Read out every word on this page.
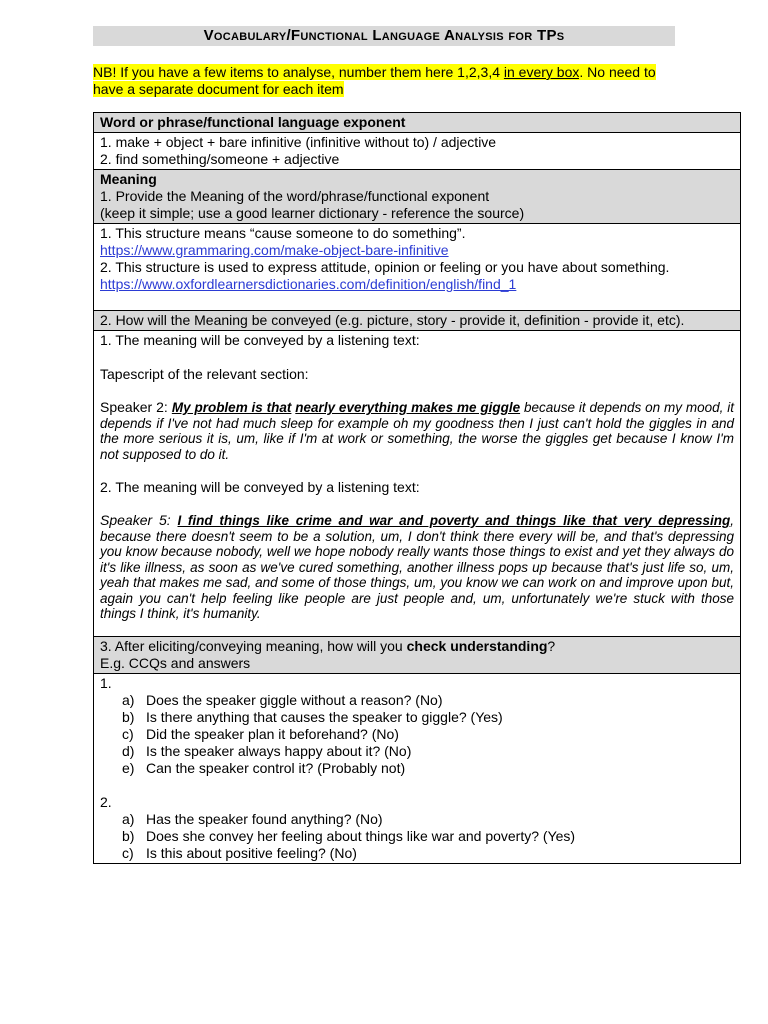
Vocabulary/Functional Language Analysis for TPs
NB! If you have a few items to analyse, number them here 1,2,3,4 in every box. No need to have a separate document for each item
Word or phrase/functional language exponent

1. make + object + bare infinitive (infinitive without to) / adjective
2. find something/someone + adjective

Meaning
1. Provide the Meaning of the word/phrase/functional exponent
(keep it simple; use a good learner dictionary - reference the source)

1. This structure means “cause someone to do something”.
https://www.grammaring.com/make-object-bare-infinitive
2. This structure is used to express attitude, opinion or feeling or you have about something.
https://www.oxfordlearnersdictionaries.com/definition/english/find_1

2. How will the Meaning be conveyed (e.g. picture, story - provide it, definition - provide it, etc).

1. The meaning will be conveyed by a listening text:
Tapescript of the relevant section:
Speaker 2: My problem is that nearly everything makes me giggle because it depends on my mood, it depends if I've not had much sleep for example oh my goodness then I just can't hold the giggles in and the more serious it is, um, like if I'm at work or something, the worse the giggles get because I know I'm not supposed to do it.
2. The meaning will be conveyed by a listening text:
Speaker 5: I find things like crime and war and poverty and things like that very depressing, because there doesn't seem to be a solution, um, I don't think there every will be, and that's depressing you know because nobody, well we hope nobody really wants those things to exist and yet they always do it's like illness, as soon as we've cured something, another illness pops up because that's just life so, um, yeah that makes me sad, and some of those things, um, you know we can work on and improve upon but, again you can't help feeling like people are just people and, um, unfortunately we're stuck with those things I think, it's humanity.

3. After eliciting/conveying meaning, how will you check understanding?
E.g. CCQs and answers

1.
a) Does the speaker giggle without a reason? (No)
b) Is there anything that causes the speaker to giggle? (Yes)
c) Did the speaker plan it beforehand? (No)
d) Is the speaker always happy about it? (No)
e) Can the speaker control it? (Probably not)
2.
a) Has the speaker found anything? (No)
b) Does she convey her feeling about things like war and poverty? (Yes)
c) Is this about positive feeling? (No)
